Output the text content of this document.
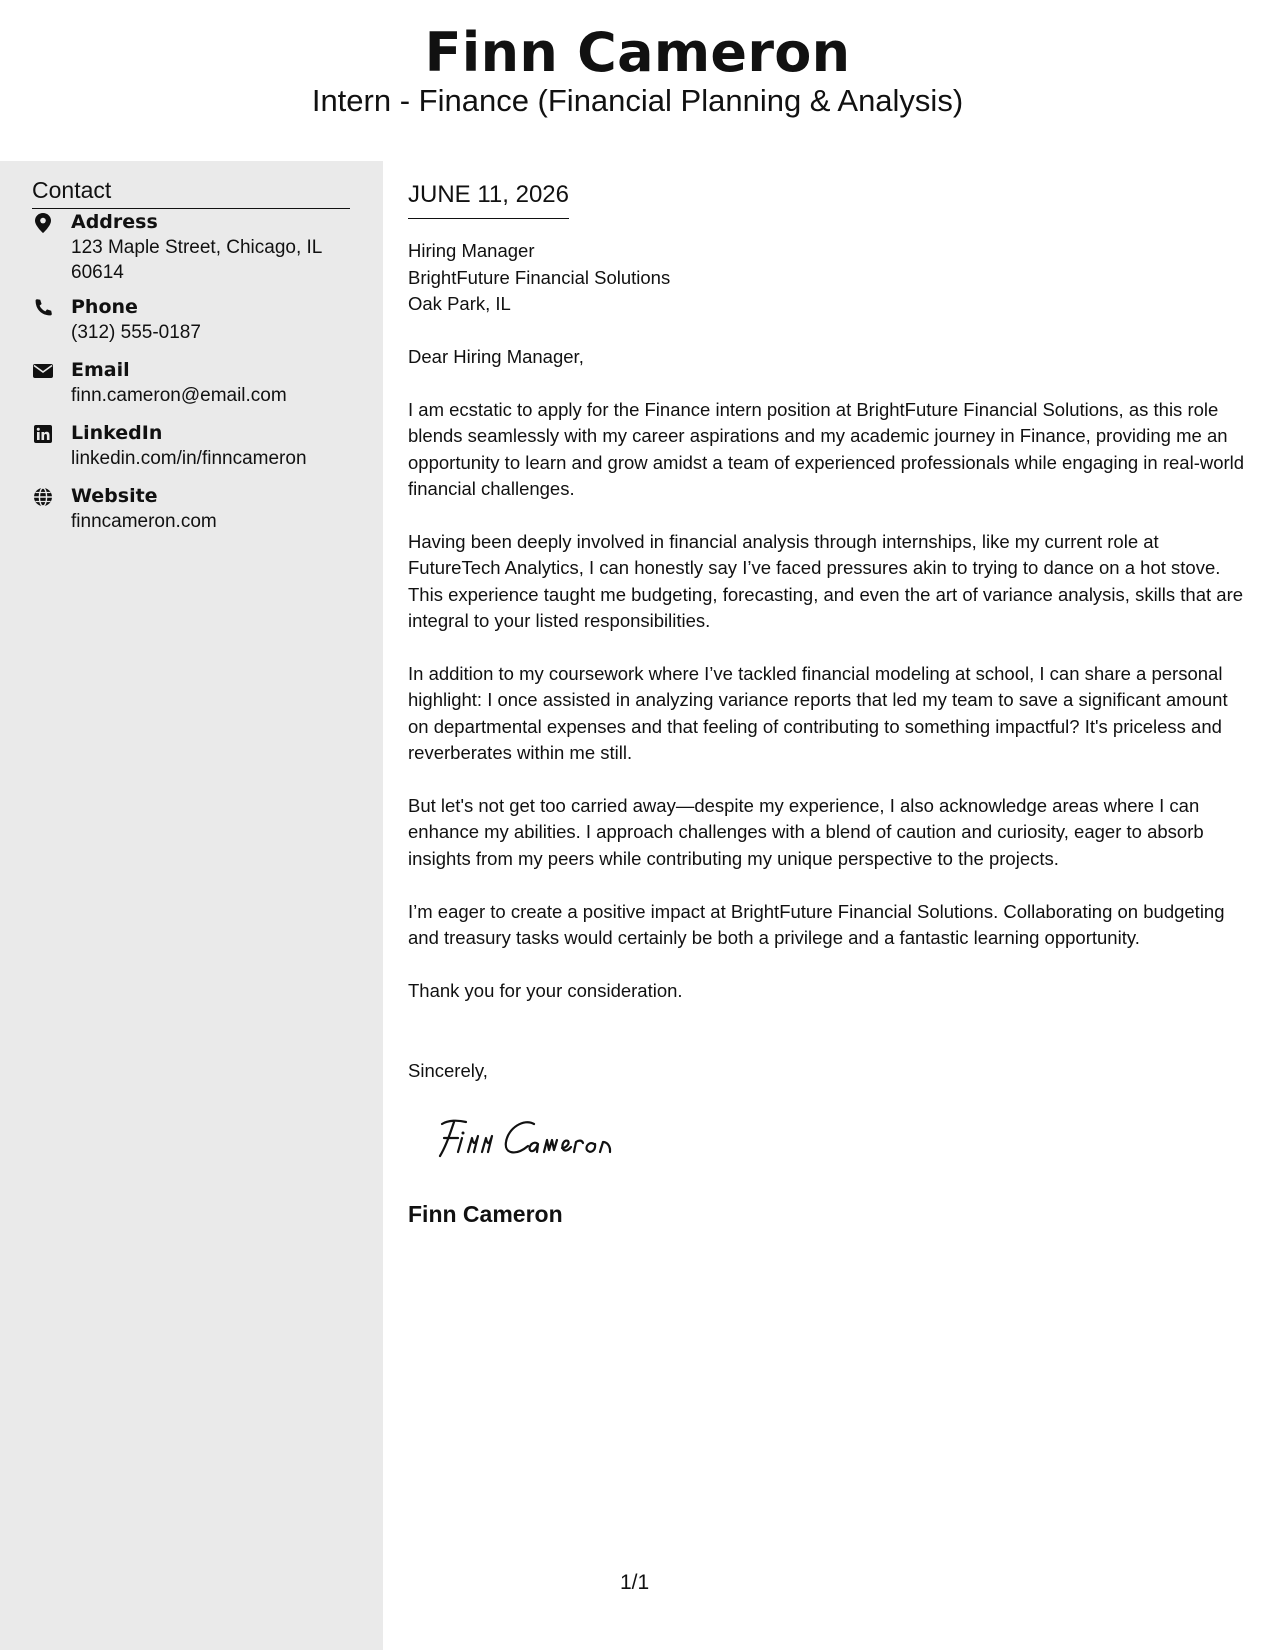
Finn Cameron
Intern - Finance (Financial Planning & Analysis)
Contact
Address
123 Maple Street, Chicago, IL 60614
Phone
(312) 555-0187
Email
finn.cameron@email.com
LinkedIn
linkedin.com/in/finncameron
Website
finncameron.com
JUNE 11, 2026
Hiring Manager
BrightFuture Financial Solutions
Oak Park, IL

Dear Hiring Manager,

I am ecstatic to apply for the Finance intern position at BrightFuture Financial Solutions, as this role blends seamlessly with my career aspirations and my academic journey in Finance, providing me an opportunity to learn and grow amidst a team of experienced professionals while engaging in real-world financial challenges.

Having been deeply involved in financial analysis through internships, like my current role at FutureTech Analytics, I can honestly say I’ve faced pressures akin to trying to dance on a hot stove. This experience taught me budgeting, forecasting, and even the art of variance analysis, skills that are integral to your listed responsibilities.

In addition to my coursework where I’ve tackled financial modeling at school, I can share a personal highlight: I once assisted in analyzing variance reports that led my team to save a significant amount on departmental expenses and that feeling of contributing to something impactful? It's priceless and reverberates within me still.

But let's not get too carried away—despite my experience, I also acknowledge areas where I can enhance my abilities. I approach challenges with a blend of caution and curiosity, eager to absorb insights from my peers while contributing my unique perspective to the projects.

I’m eager to create a positive impact at BrightFuture Financial Solutions. Collaborating on budgeting and treasury tasks would certainly be both a privilege and a fantastic learning opportunity.

Thank you for your consideration.

Sincerely,

Finn Cameron
1/1
